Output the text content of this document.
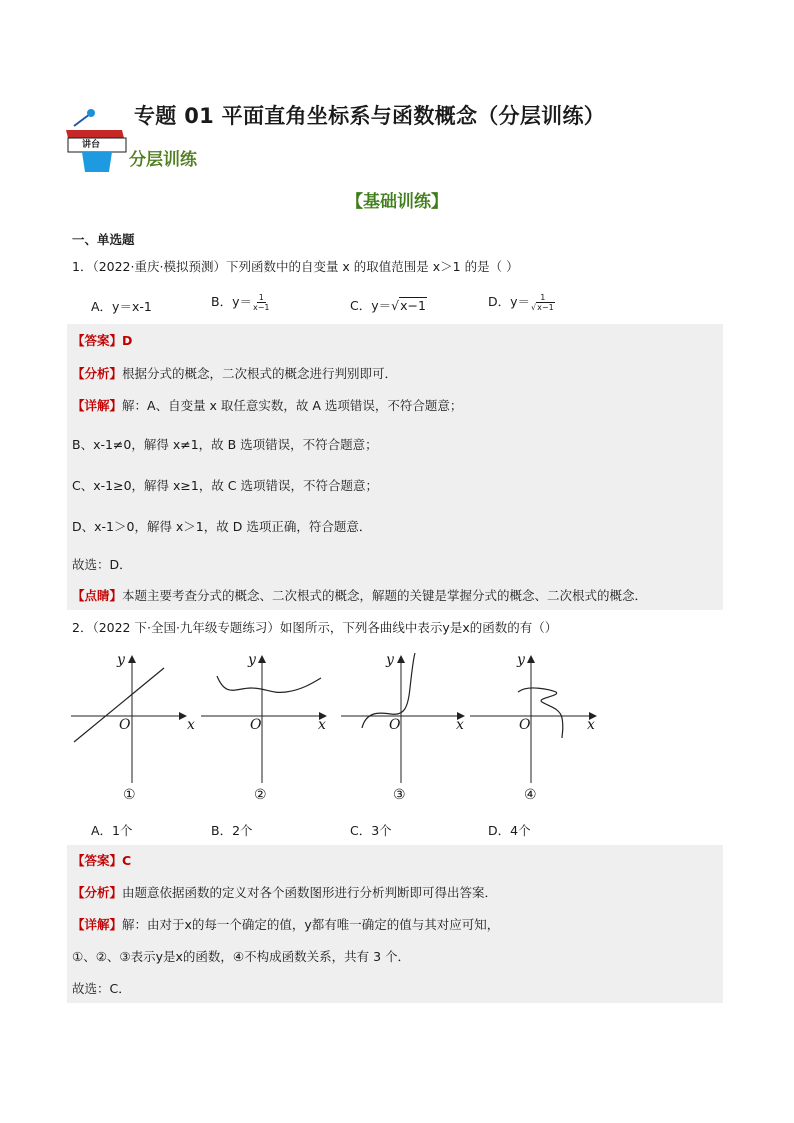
讲台
专题 01 平面直角坐标系与函数概念（分层训练）
分层训练
【基础训练】
一、单选题
1．（2022·重庆·模拟预测）下列函数中的自变量 x 的取值范围是 x＞1 的是（ ）
A．y＝x-1	B．$y= \frac{1}{x-1}$	C．y＝√x−1	D．$y= \frac{1}{√x-1}$
【答案】D
【分析】根据分式的概念，二次根式的概念进行判别即可．
【详解】解：A、自变量 x 取任意实数，故 A 选项错误，不符合题意；
B、x-1≠0，解得 x≠1，故 B 选项错误，不符合题意；
C、x-1≥0，解得 x≥1，故 C 选项错误，不符合题意；
D、x-1＞0，解得 x＞1，故 D 选项正确，符合题意．
故选：D．
【点睛】本题主要考查分式的概念、二次根式的概念，解题的关键是掌握分式的概念、二次根式的概念．
2．（2022 下·全国·九年级专题练习）如图所示，下列各曲线中表示y是x的函数的有（）
y
x
O
y
x
O
y
x
O
y
x
O
①	②	③	④
A．1个	B．2个	C．3个	D．4个
【答案】C
【分析】由题意依据函数的定义对各个函数图形进行分析判断即可得出答案．
【详解】解：由对于x的每一个确定的值，y都有唯一确定的值与其对应可知，
①、②、③表示y是x的函数，④不构成函数关系，共有 3 个．
故选：C．
